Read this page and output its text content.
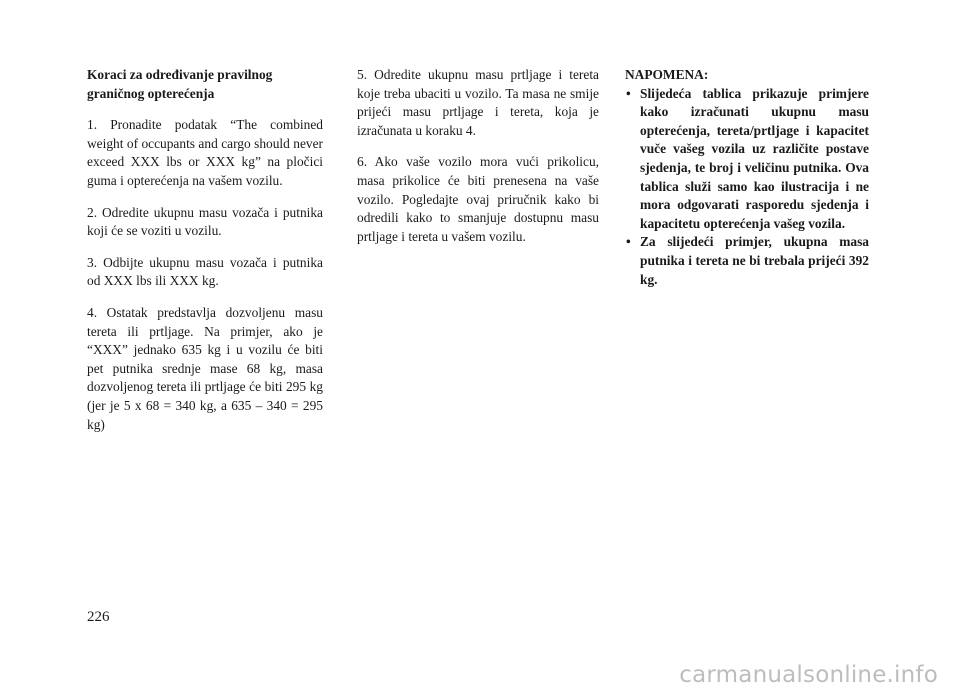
Koraci za određivanje pravilnog graničnog opterećenja

1. Pronadite podatak “The combined weight of occupants and cargo should never exceed XXX lbs or XXX kg” na pločici guma i opterećenja na vašem vozilu.

2. Odredite ukupnu masu vozača i putnika koji će se voziti u vozilu.

3. Odbijte ukupnu masu vozača i putnika od XXX lbs ili XXX kg.

4. Ostatak predstavlja dozvoljenu masu tereta ili prtljage. Na primjer, ako je “XXX” jednako 635 kg i u vozilu će biti pet putnika srednje mase 68 kg, masa dozvoljenog tereta ili prtljage će biti 295 kg (jer je 5 x 68 = 340 kg, a 635 – 340 = 295 kg)

5. Odredite ukupnu masu prtljage i tereta koje treba ubaciti u vozilo. Ta masa ne smije prijeći masu prtljage i tereta, koja je izračunata u koraku 4.

6. Ako vaše vozilo mora vući prikolicu, masa prikolice će biti prenesena na vaše vozilo. Pogledajte ovaj priručnik kako bi odredili kako to smanjuje dostupnu masu prtljage i tereta u vašem vozilu.

NAPOMENA:

• Slijedeća tablica prikazuje primjere kako izračunati ukupnu masu opterećenja, tereta/prtljage i kapacitet vuče vašeg vozila uz različite postave sjedenja, te broj i veličinu putnika. Ova tablica služi samo kao ilustracija i ne mora odgovarati rasporedu sjedenja i kapacitetu opterećenja vašeg vozila.
• Za slijedeći primjer, ukupna masa putnika i tereta ne bi trebala prijeći 392 kg.
226
carmanualsonline.info
